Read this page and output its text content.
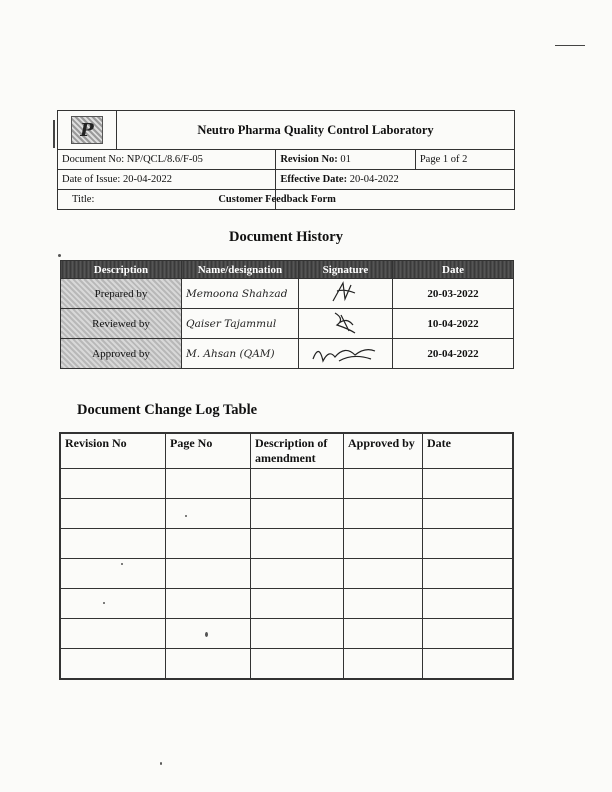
P	Neutro Pharma Quality Control Laboratory		
Document No: NP/QCL/8.6/F-05		Revision No: 01	Page 1 of 2
Date of Issue: 20-04-2022		Effective Date: 20-04-2022	
Title:		Customer Feedback Form	
Document History
Description	Name/designation	Signature	Date
Prepared by	Memoona Shahzad		20-03-2022
Reviewed by	Qaiser Tajammul		10-04-2022
Approved by	M. Ahsan (QAM)		20-04-2022
Document Change Log Table
Revision No	Page No	Description of amendment	Approved by	Date
